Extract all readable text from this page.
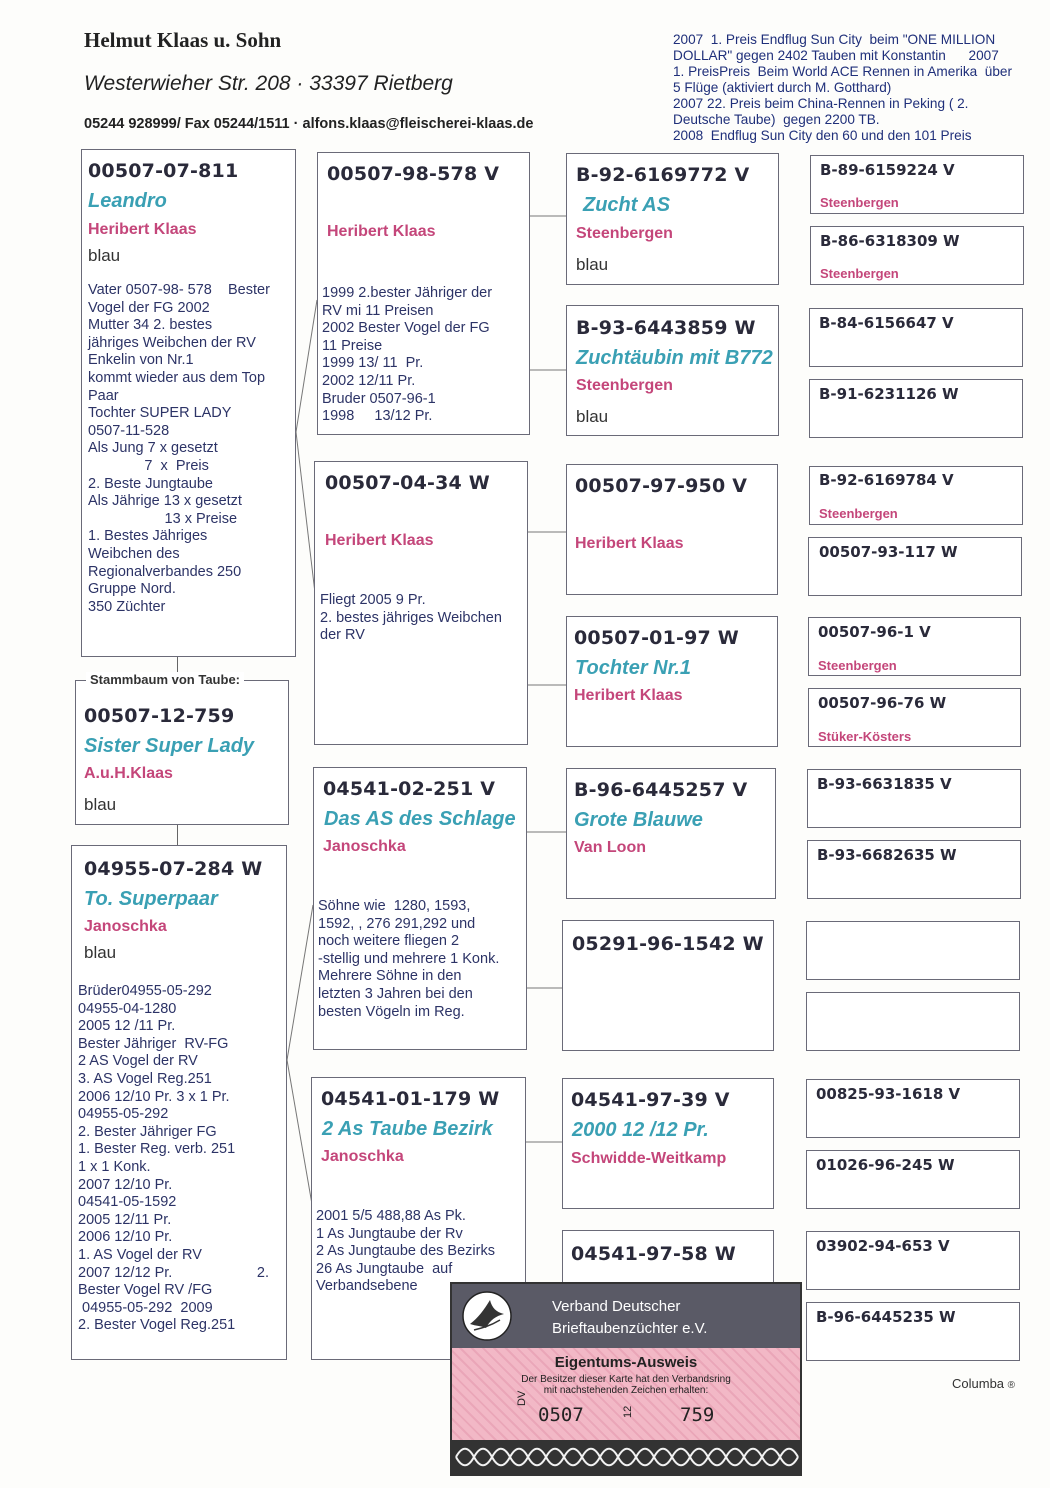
Helmut Klaas u. Sohn
Westerwieher Str. 208 · 33397 Rietberg
05244 928999/ Fax 05244/1511 · alfons.klaas@fleischerei-klaas.de
2007  1. Preis Endflug Sun City  beim "ONE MILLION
DOLLAR" gegen 2402 Tauben mit Konstantin      2007
1. PreisPreis  Beim World ACE Rennen in Amerika  über
5 Flüge (aktiviert durch M. Gotthard)
2007 22. Preis beim China-Rennen in Peking ( 2.
Deutsche Taube)  gegen 2200 TB.
2008  Endflug Sun City den 60 und den 101 Preis
00507-07-811
Leandro
Heribert Klaas
blau
Vater 0507-98- 578    Bester
Vogel der FG 2002
Mutter 34 2. bestes
jähriges Weibchen der RV
Enkelin von Nr.1
kommt wieder aus dem Top
Paar
Tochter SUPER LADY
0507-11-528
Als Jung 7 x gesetzt
7  x  Preis
2. Beste Jungtaube
Als Jährige 13 x gesetzt
13 x Preise
1. Bestes Jähriges
Weibchen des
Regionalverbandes 250
Gruppe Nord.
350 Züchter
Stammbaum von Taube:
00507-12-759
Sister Super Lady
A.u.H.Klaas
blau
04955-07-284 W
To. Superpaar
Janoschka
blau
Brüder04955-05-292
04955-04-1280
2005 12 /11 Pr.
Bester Jähriger  RV-FG
2 AS Vogel der RV
3. AS Vogel Reg.251
2006 12/10 Pr. 3 x 1 Pr.
04955-05-292
2. Bester Jähriger FG
1. Bester Reg. verb. 251
1 x 1 Konk.
2007 12/10 Pr.
04541-05-1592
2005 12/11 Pr.
2006 12/10 Pr.
1. AS Vogel der RV
2007 12/12 Pr.                     2.
Bester Vogel RV /FG
04955-05-292  2009
2. Bester Vogel Reg.251
00507-98-578 V
Heribert Klaas
1999 2.bester Jähriger der
RV mi 11 Preisen
2002 Bester Vogel der FG
11 Preise
1999 13/ 11  Pr.
2002 12/11 Pr.
Bruder 0507-96-1
1998     13/12 Pr.
00507-04-34 W
Heribert Klaas
Fliegt 2005 9 Pr.
2. bestes jähriges Weibchen
der RV
04541-02-251 V
Das AS des Schlage
Janoschka
Söhne wie  1280, 1593,
1592, , 276 291,292 und
noch weitere fliegen 2
-stellig und mehrere 1 Konk.
Mehrere Söhne in den
letzten 3 Jahren bei den
besten Vögeln im Reg.
04541-01-179 W
2 As Taube Bezirk
Janoschka
2001 5/5 488,88 As Pk.
1 As Jungtaube der Rv
2 As Jungtaube des Bezirks
26 As Jungtaube  auf
Verbandsebene
B-92-6169772 V
Zucht AS
Steenbergen
blau
B-93-6443859 W
Zuchtäubin mit B772
Steenbergen
blau
00507-97-950 V
Heribert Klaas
00507-01-97 W
Tochter Nr.1
Heribert Klaas
B-96-6445257 V
Grote Blauwe
Van Loon
05291-96-1542 W
04541-97-39 V
2000 12 /12 Pr.
Schwidde-Weitkamp
04541-97-58 W
B-89-6159224 V
Steenbergen
B-86-6318309 W
Steenbergen
B-84-6156647 V
B-91-6231126 W
B-92-6169784 V
Steenbergen
00507-93-117 W
00507-96-1 V
Steenbergen
00507-96-76 W
Stüker-Kösters
B-93-6631835 V
B-93-6682635 W
00825-93-1618 V
01026-96-245 W
03902-94-653 V
B-96-6445235 W
Columba ®
Verband Deutscher
Brieftaubenzüchter e.V.
Eigentums-Ausweis
Der Besitzer dieser Karte hat den Verbandsring
mit nachstehenden Zeichen erhalten:
DV
0507	12 759
